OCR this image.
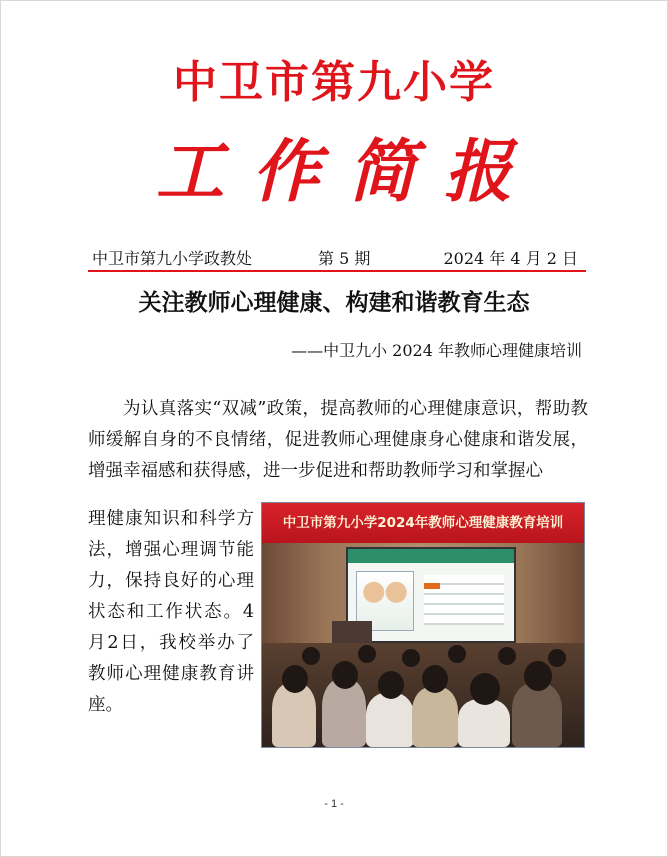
中卫市第九小学
工作简报
中卫市第九小学政教处	第 5 期	2024 年 4 月 2 日
关注教师心理健康、构建和谐教育生态
——中卫九小 2024 年教师心理健康培训
为认真落实“双减”政策，提高教师的心理健康意识，帮助教师缓解自身的不良情绪，促进教师心理健康身心健康和谐发展，增强幸福感和获得感，进一步促进和帮助教师学习和掌握心
理健康知识和科学方法，增强心理调节能力，保持良好的心理状态和工作状态。4月2日，我校举办了教师心理健康教育讲座。
中卫市第九小学2024年教师心理健康教育培训
- 1 -
